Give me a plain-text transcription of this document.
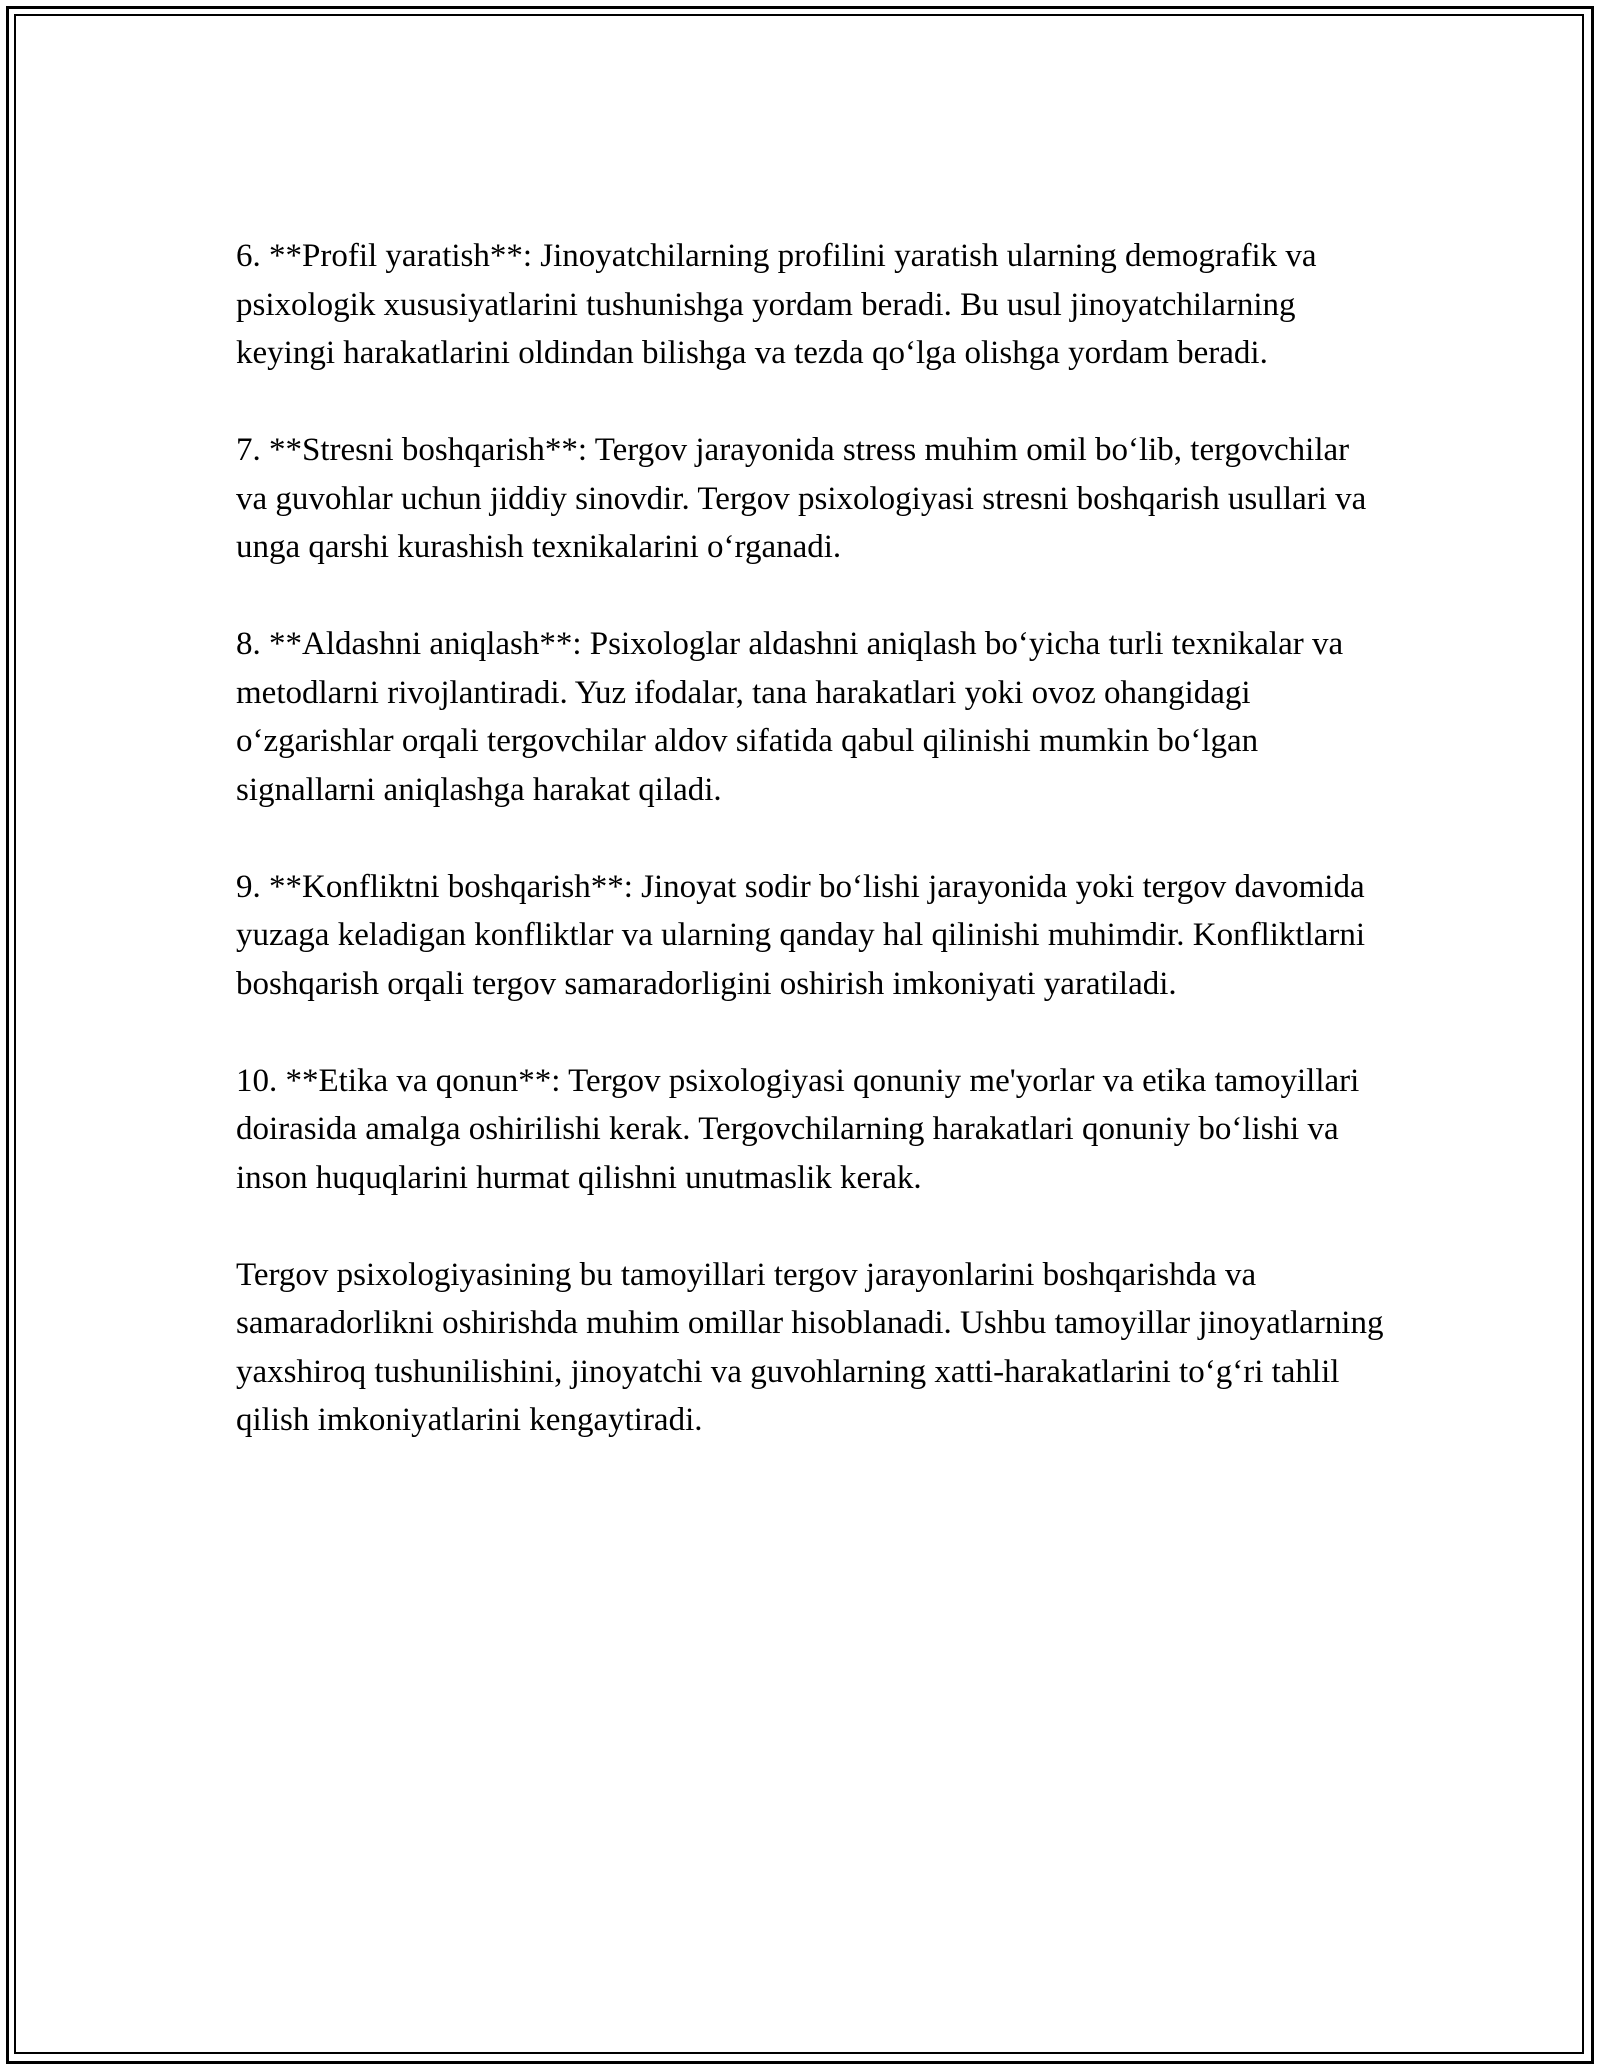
6. **Profil yaratish**: Jinoyatchilarning profilini yaratish ularning demografik va psixologik xususiyatlarini tushunishga yordam beradi. Bu usul jinoyatchilarning keyingi harakatlarini oldindan bilishga va tezda qo‘lga olishga yordam beradi.

7. **Stresni boshqarish**: Tergov jarayonida stress muhim omil bo‘lib, tergovchilar va guvohlar uchun jiddiy sinovdir. Tergov psixologiyasi stresni boshqarish usullari va unga qarshi kurashish texnikalarini o‘rganadi.

8. **Aldashni aniqlash**: Psixologlar aldashni aniqlash bo‘yicha turli texnikalar va metodlarni rivojlantiradi. Yuz ifodalar, tana harakatlari yoki ovoz ohangidagi o‘zgarishlar orqali tergovchilar aldov sifatida qabul qilinishi mumkin bo‘lgan signallarni aniqlashga harakat qiladi.

9. **Konfliktni boshqarish**: Jinoyat sodir bo‘lishi jarayonida yoki tergov davomida yuzaga keladigan konfliktlar va ularning qanday hal qilinishi muhimdir. Konfliktlarni boshqarish orqali tergov samaradorligini oshirish imkoniyati yaratiladi.

10. **Etika va qonun**: Tergov psixologiyasi qonuniy me'yorlar va etika tamoyillari doirasida amalga oshirilishi kerak. Tergovchilarning harakatlari qonuniy bo‘lishi va inson huquqlarini hurmat qilishni unutmaslik kerak.

Tergov psixologiyasining bu tamoyillari tergov jarayonlarini boshqarishda va samaradorlikni oshirishda muhim omillar hisoblanadi. Ushbu tamoyillar jinoyatlarning yaxshiroq tushunilishini, jinoyatchi va guvohlarning xatti-harakatlarini to‘g‘ri tahlil qilish imkoniyatlarini kengaytiradi.
